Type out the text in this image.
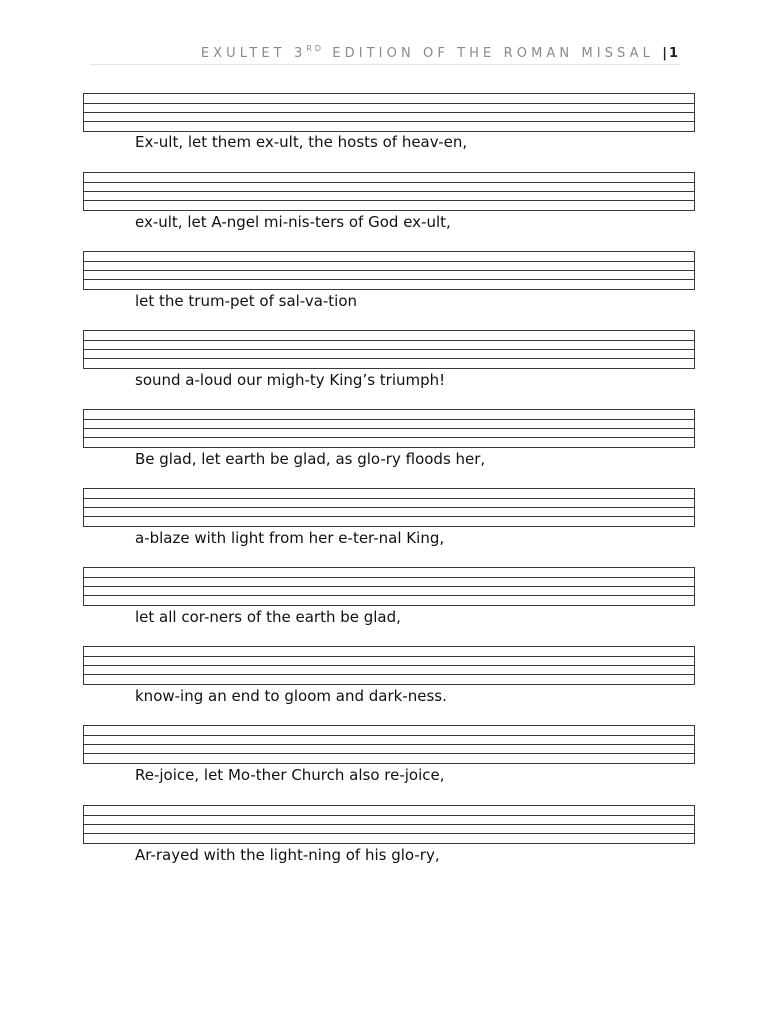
EXULTET 3RD EDITION OF THE ROMAN MISSAL |1
Ex-ult, let them ex-ult, the hosts of heav-en,
ex-ult, let A-ngel mi-nis-ters of God ex-ult,
let the trum-pet of sal-va-tion
sound a-loud our migh-ty King’s triumph!
Be glad, let earth be glad, as glo-ry floods her,
a-blaze with light from her e-ter-nal King,
let all cor-ners of the earth be glad,
know-ing an end to gloom and dark-ness.
Re-joice, let Mo-ther Church also re-joice,
Ar-rayed with the light-ning of his glo-ry,
